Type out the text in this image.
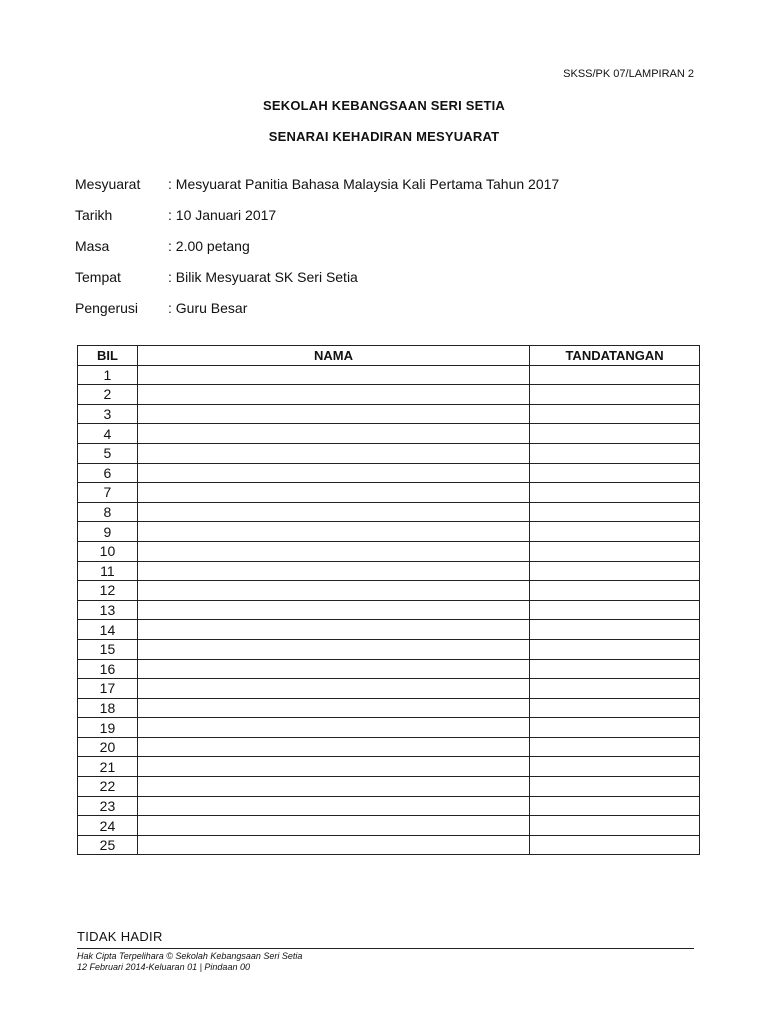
SKSS/PK 07/LAMPIRAN 2
SEKOLAH KEBANGSAAN SERI SETIA
SENARAI KEHADIRAN MESYUARAT
Mesyuarat	: Mesyuarat Panitia Bahasa Malaysia Kali Pertama Tahun 2017
Tarikh	: 10 Januari 2017
Masa	: 2.00 petang
Tempat	: Bilik Mesyuarat SK Seri Setia
Pengerusi	: Guru Besar
BIL	NAMA	TANDATANGAN
1		
2		
3		
4		
5		
6		
7		
8		
9		
10		
11		
12		
13		
14		
15		
16		
17		
18		
19		
20		
21		
22		
23		
24		
25		
TIDAK HADIR
Hak Cipta Terpelihara © Sekolah Kebangsaan Seri Setia
12 Februari 2014-Keluaran 01 | Pindaan 00
